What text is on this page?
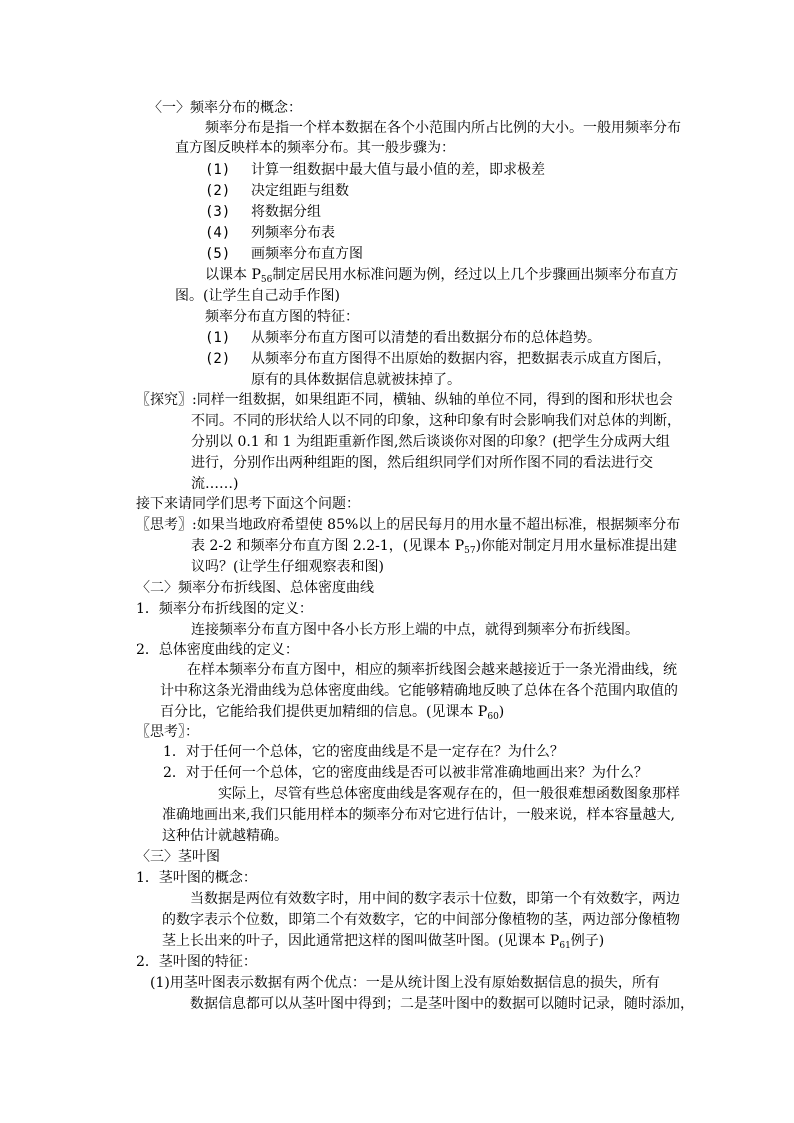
〈一〉频率分布的概念：
频率分布是指一个样本数据在各个小范围内所占比例的大小。一般用频率分布
直方图反映样本的频率分布。其一般步骤为：
(1) 计算一组数据中最大值与最小值的差，即求极差
(2) 决定组距与组数
(3) 将数据分组
(4) 列频率分布表
(5) 画频率分布直方图
以课本 $P_{56}$制定居民用水标准问题为例，经过以上几个步骤画出频率分布直方
图。(让学生自己动手作图)
频率分布直方图的特征：
(1) 从频率分布直方图可以清楚的看出数据分布的总体趋势。
(2) 从频率分布直方图得不出原始的数据内容，把数据表示成直方图后，
原有的具体数据信息就被抹掉了。
〖探究〗:同样一组数据，如果组距不同，横轴、纵轴的单位不同，得到的图和形状也会
不同。不同的形状给人以不同的印象，这种印象有时会影响我们对总体的判断，
分别以 0.1 和 1 为组距重新作图,然后谈谈你对图的印象？(把学生分成两大组
进行，分别作出两种组距的图，然后组织同学们对所作图不同的看法进行交
流……)
接下来请同学们思考下面这个问题：
〖思考〗:如果当地政府希望使 85%以上的居民每月的用水量不超出标准，根据频率分布
表 2-2 和频率分布直方图 2.2-1，(见课本 $P_{57}$)你能对制定月用水量标准提出建
议吗？(让学生仔细观察表和图)
〈二〉频率分布折线图、总体密度曲线
1．频率分布折线图的定义：
连接频率分布直方图中各小长方形上端的中点，就得到频率分布折线图。
2．总体密度曲线的定义：
在样本频率分布直方图中，相应的频率折线图会越来越接近于一条光滑曲线，统
计中称这条光滑曲线为总体密度曲线。它能够精确地反映了总体在各个范围内取值的
百分比，它能给我们提供更加精细的信息。(见课本 $P_{60}$)
〖思考〗：
1．对于任何一个总体，它的密度曲线是不是一定存在？为什么？
2．对于任何一个总体，它的密度曲线是否可以被非常准确地画出来？为什么？
实际上，尽管有些总体密度曲线是客观存在的，但一般很难想函数图象那样
准确地画出来,我们只能用样本的频率分布对它进行估计，一般来说，样本容量越大,
这种估计就越精确。
〈三〉茎叶图
1．茎叶图的概念：
当数据是两位有效数字时，用中间的数字表示十位数，即第一个有效数字，两边
的数字表示个位数，即第二个有效数字，它的中间部分像植物的茎，两边部分像植物
茎上长出来的叶子，因此通常把这样的图叫做茎叶图。(见课本 $P_{61}$例子)
2．茎叶图的特征：
(1)用茎叶图表示数据有两个优点：一是从统计图上没有原始数据信息的损失，所有
数据信息都可以从茎叶图中得到；二是茎叶图中的数据可以随时记录，随时添加，
